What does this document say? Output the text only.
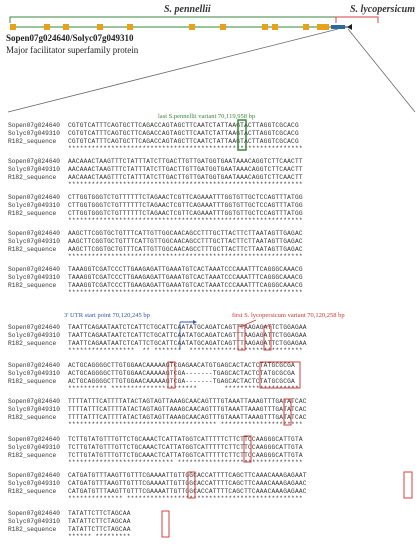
S. pennellii	S. lycopersicum
Sopen07g024640/Solyc07g049310
Major facilitator superfamily protein
Sopen07g024640	CGTGTCATTTCAGTGCTTCAGACCAGTAGCTTCAATCTATTAAGTACTTAGGTCGCACG
Solyc07g049310	CGTGTCATTTCAGTGCTTCAGACCAGTAGCTTCAATCTATTAAGTACTTAGGTCGCACG
R182_sequence	CGTGTCATTTCAGTGCTTCAGACCAGTAGCTTCAATCTATTAAGTACTTAGGTCGCACG
************************************************************
Sopen07g024640	AACAAACTAAGTTTCTATTTATCTTGACTTGTTGATGGTGAATAAACAGGTCTTCAACTT
Solyc07g049310	AACAAACTAAGTTTCTATTTATCTTGACTTGTTGATGGTGAATAAACAGGTCTTCAACTT
R182_sequence	AACAAACTAAGTTTCTATTTATCTTGACTTGTTGATGGTGAATAAACAGGTCTTCAACTT
************************************************************
Sopen07g024640	CTTGGTGGGTCTGTTTTTTCTAGAACTCGTTCAGAAATTTGGTGTTGCTCCAGTTTATGG
Solyc07g049310	CTTGGTGGGTCTGTTTTTTCTAGAACTCGTTCAGAAATTTGGTGTTGCTCCAGTTTATGG
R182_sequence	CTTGGTGGGTCTGTTTTTTCTAGAACTCGTTCAGAAATTTGGTGTTGCTCCAGTTTATGG
************************************************************
Sopen07g024640	AAGCTTCGGTGCTGTTTCATTGTTGGCAACAGCCTTTGCTTACTTCTTAATAGTTGAGAC
Solyc07g049310	AAGCTTCGGTGCTGTTTCATTGTTGGCAACAGCCTTTGCTTACTTCTTAATAGTTGAGAC
R182_sequence	AAGCTTCGGTGCTGTTTCATTGTTGGCAACAGCCTTTGCTTACTTCTTAATAGTTGAGAC
************************************************************
Sopen07g024640	TAAAGGTCGATCCCTTGAAGAGATTGAAATGTCACTAAATCCCAAATTTCAGGGCAAACG
Solyc07g049310	TAAAGGTCGATCCCTTGAAGAGATTGAAATGTCACTAAATCCCAAATTTCAGGGCAAACG
R182_sequence	TAAAGGTCGATCCCTTGAAGAGATTGAAATGTCACTAAATCCCAAATTTCAGGGCAAACG
************************************************************
Sopen07g024640	TAATTCAGAATAATCTCATTCTGCATTCAATATGCAGATCAGTTTAAGAGATTCTGGAGAA
Solyc07g049310	TAATTCAGAATAATCTCATTCTGCATTCAATATGCAGATCAGTTTAAGAGATTCTGGAGAA
R182_sequence	TAATTCAGAATAATCTCATTCTGCATTCAATATGCAGATCAGTTTAAGAGATTCTGGAGAA
*****************  ** *******  *****************************
Sopen07g024640	ACTGCAGGGGCTTGTGGAACAAAAAGTCGAGAACATGTGAGCACTACTCTATGCGCGA
Solyc07g049310	ACTGCAGGGGCTTGTGGAACAAAAAGTCGA-------TGAGCACTACTCTATGCGCGA
R182_sequence	ACTGCAGGGGCTTGTGGAACAAAAAGTCGA-------TGAGCACTACTCTATGCGCGA
********** **********************       *******************
Sopen07g024640	TTTTATTTCATTTTATACTAGTAGTTAAAGCAACAGTTTGTAAATTAAAGTTTGATATCAC
Solyc07g049310	TTTTATTTCATTTTATACTAGTAGTTAAAGCAACAGTTTGTAAATTAAAGTTTGATATCAC
R182_sequence	TTTTATTTCATTTTATACTAGTAGTTAAAGCAACAGTTTGTAAATTAAAGTTTGATATCAC
************************************** *********************
Sopen07g024640	TCTTGTATGTTTGTTCTGCAAACTCATTATGGTCATTTTTCTTCTTCCAAGGGCATTGTA
Solyc07g049310	TCTTGTATGTTTGTTCTGCAAACTCATTATGGTCATTTTTCTTCTTCCAAGGGCATTGTA
R182_sequence	TCTTGTATGTTTGTTCTGCAAACTCATTATGGTCATTTTTCTTCTTCCAAGGGCATTGTA
*************************** ********************************
Sopen07g024640	CATGATGTTTAAGTTGTTTCGAAAATTGTTGGCACCATTTTCAGCTTCAAACAAAGAGAAT
Solyc07g049310	CATGATGTTTAAGTTGTTTCGAAAATTGTTGGCACCATTTTCAGCTTCAAACAAAGAGAAC
R182_sequence	CATGATGTTTAAGTTGTTTCGAAAATTGTTGGCACCATTTTCAGCTTCAAACAAAGAGAAC
************** *********************************************
Sopen07g024640	TATATTCTTCTAGCAA
Solyc07g049310	TATATTCTTCTAGCAA
R182_sequence	TATATTCTTCTAGCAA
****** *********
last S.pennellii variant 70,119,958 bp
3' UTR start point 70,120,245 bp	first S. lycopersicum variant 70,120,258 bp
